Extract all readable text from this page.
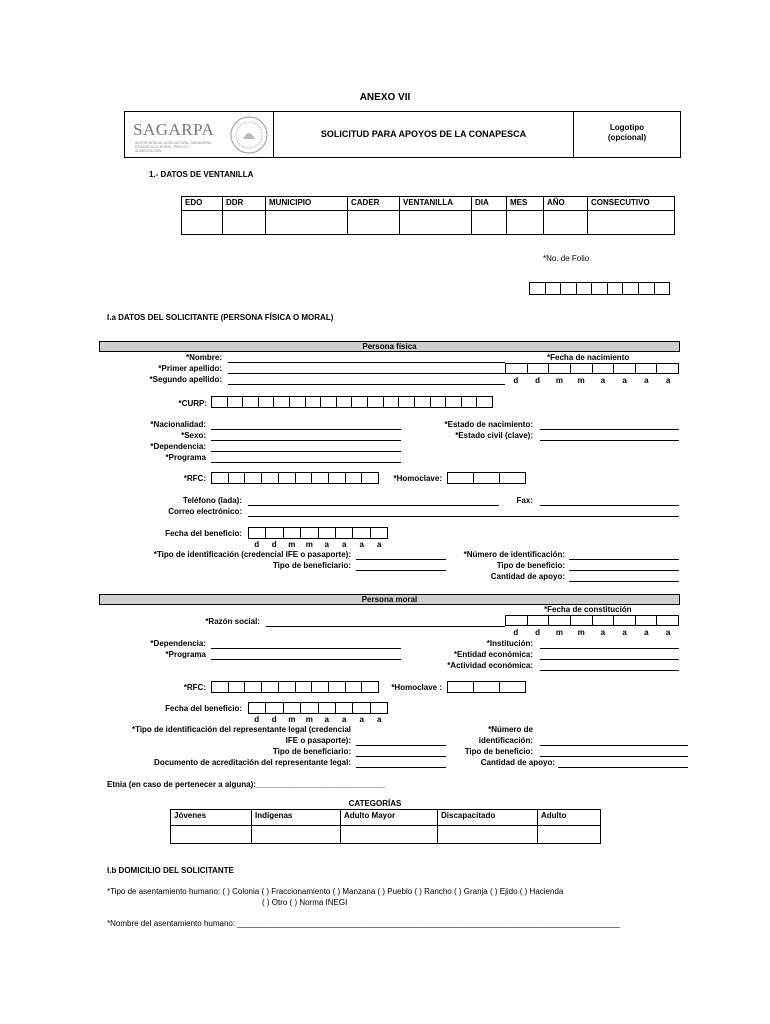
ANEXO VII
SAGARPA
SECRETARÍA DE AGRICULTURA, GANADERÍA, DESARROLLO RURAL, PESCA Y ALIMENTACIÓN
SOLICITUD PARA APOYOS DE LA CONAPESCA
Logotipo
(opcional)
1.- DATOS DE VENTANILLA
EDO	DDR	MUNICIPIO	CADER	VENTANILLA	DIA	MES	AÑO	CONSECUTIVO

*No. de Folio
I.a DATOS DEL SOLICITANTE (PERSONA FÍSICA O MORAL)
Persona física
*Nombre:
*Primer apellido:
*Segundo apellido:
*Fecha de nacimiento
d	d	m	m	a	a	a	a
*CURP:
*Nacionalidad:
*Sexo:
*Dependencia:
*Programa
*Estado de nacimiento:
*Estado civil (clave):
*RFC:	*Homoclave:
Teléfono (lada):
Correo electrónico:
Fax:
Fecha del beneficio:
d	d	m	m	a	a	a	a
*Tipo de identificación (credencial IFE o pasaporte):
Tipo de beneficiario:
*Número de identificación:
Tipo de beneficio:
Cantidad de apoyo:
Persona moral
*Fecha de constitución
d	d	m	m	a	a	a	a
*Razón social:
*Dependencia:
*Programa
*Institución:
*Entidad económica:
*Actividad económica:
*RFC:	*Homoclave :
Fecha del beneficio:
d	d	m	m	a	a	a	a
*Tipo de identificación del representante legal (credencial
IFE o pasaporte):
Tipo de beneficiario:
Documento de acreditación del representante legal:
*Número de
identificación:
Tipo de beneficio:
Cantidad de apoyo:
Etnia (en caso de pertenecer a alguna):_____________________________
CATEGORÍAS
Jóvenes	Indígenas	Adulto Mayor	Discapacitado	Adulto

I.b DOMICILIO DEL SOLICITANTE
*Tipo de asentamiento humano: ( ) Colonia ( ) Fraccionamiento ( ) Manzana ( ) Pueblo ( ) Rancho ( ) Granja ( ) Ejido ( ) Hacienda
( ) Otro ( ) Norma INEGI
*Nombre del asentamiento humano: ______________________________________________________________________________________
